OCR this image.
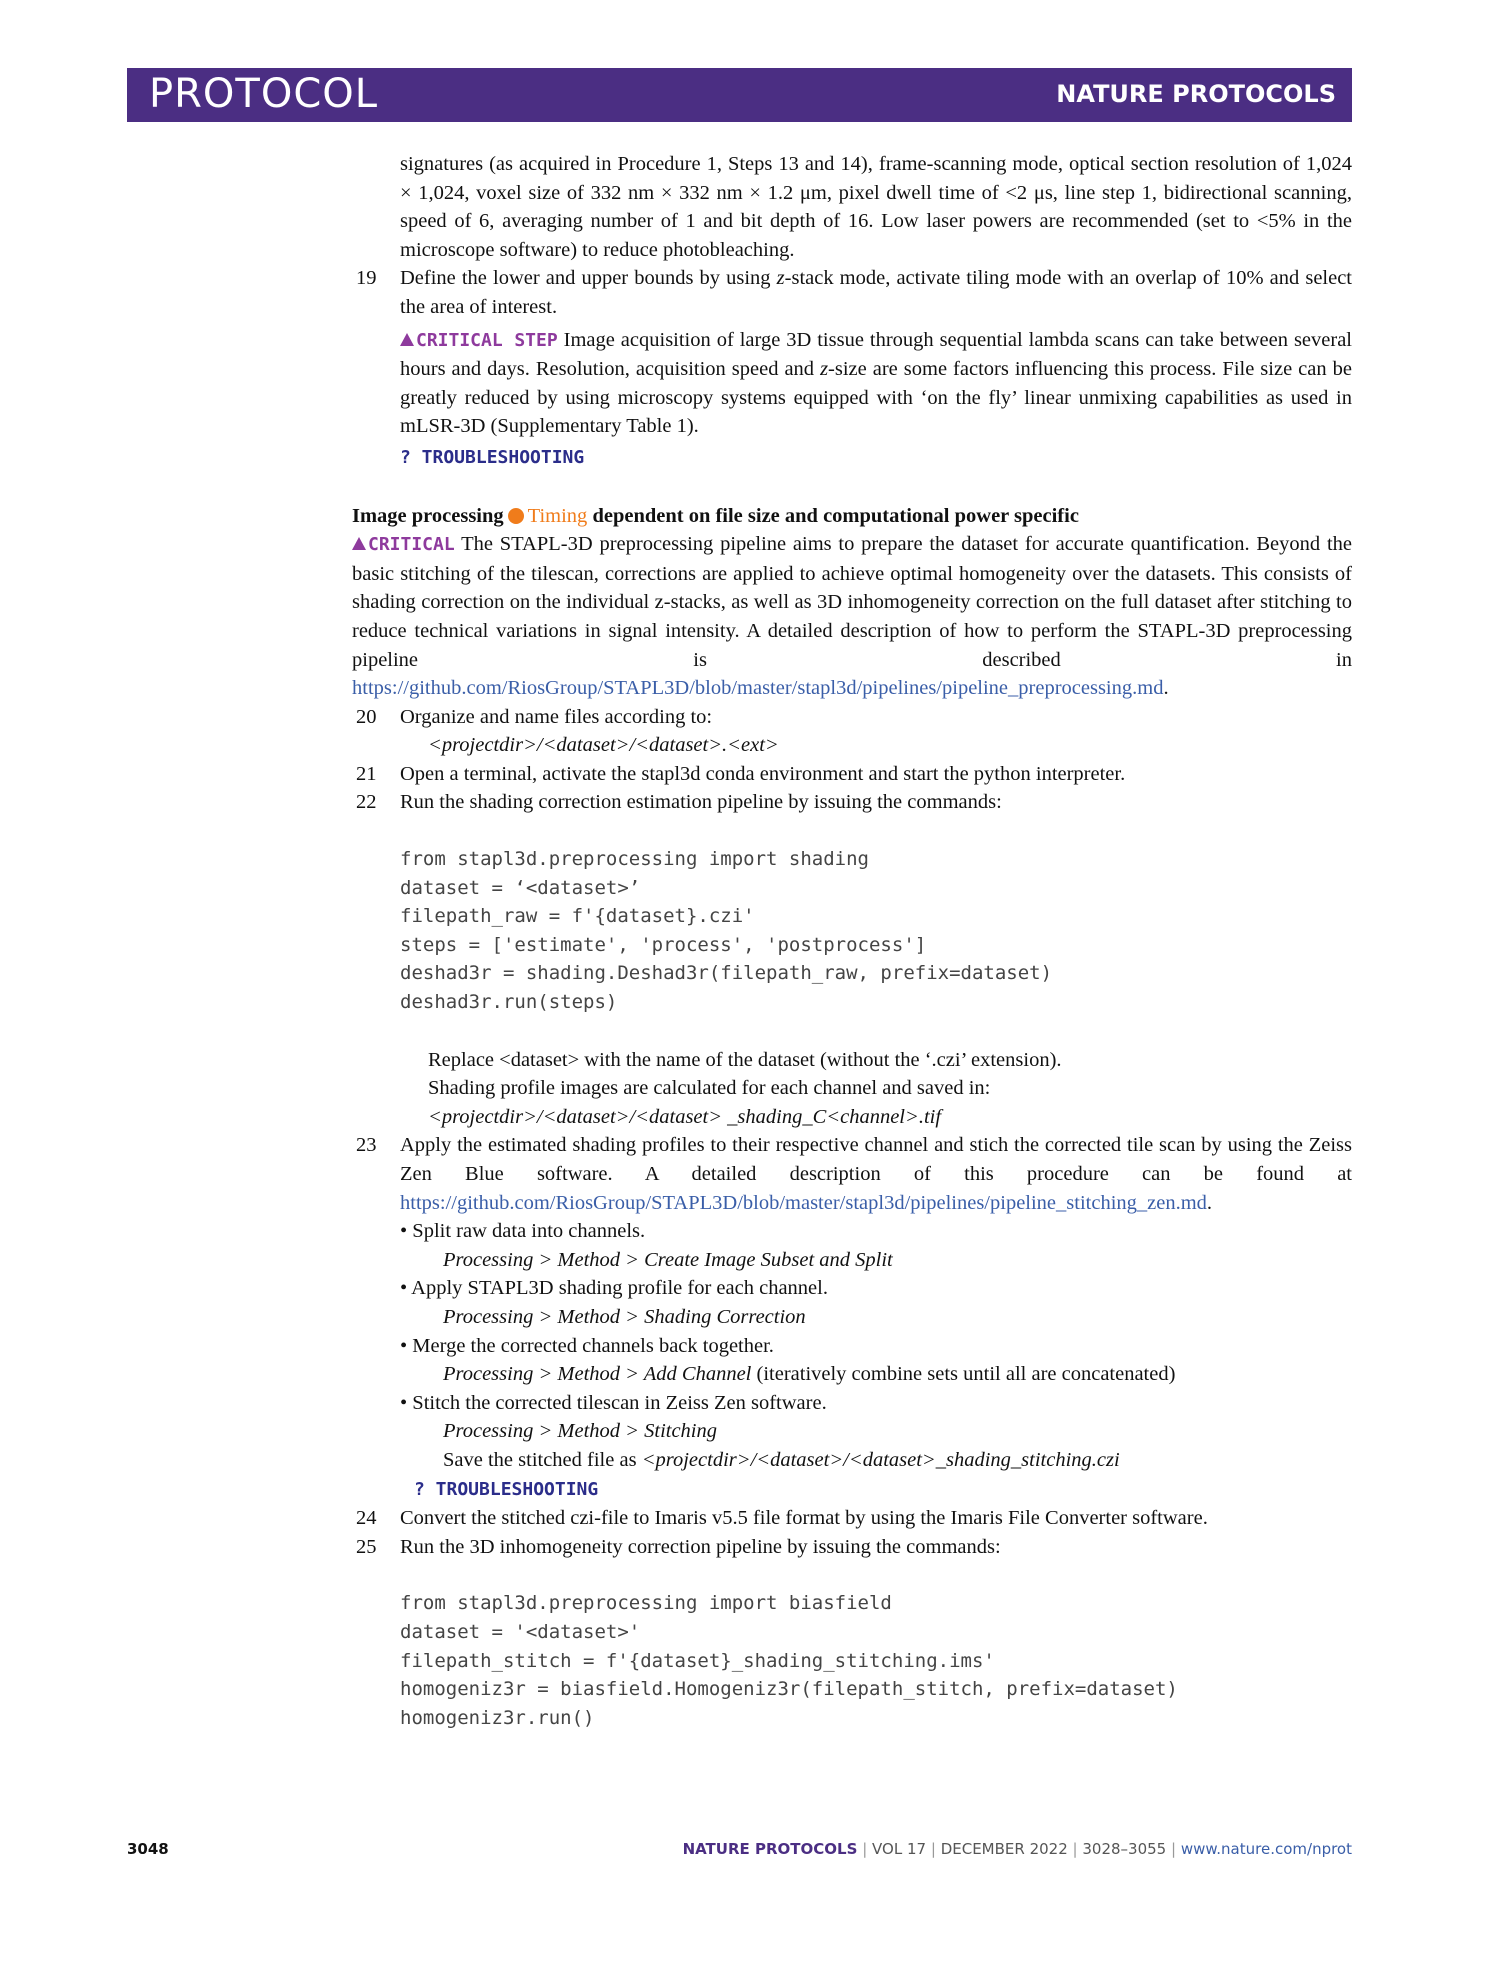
PROTOCOL	NATURE PROTOCOLS

signatures (as acquired in Procedure 1, Steps 13 and 14), frame-scanning mode, optical section resolution of 1,024 × 1,024, voxel size of 332 nm × 332 nm × 1.2 μm, pixel dwell time of <2 μs, line step 1, bidirectional scanning, speed of 6, averaging number of 1 and bit depth of 16. Low laser powers are recommended (set to <5% in the microscope software) to reduce photobleaching.

19 Define the lower and upper bounds by using z-stack mode, activate tiling mode with an overlap of 10% and select the area of interest.

CRITICAL STEP Image acquisition of large 3D tissue through sequential lambda scans can take between several hours and days. Resolution, acquisition speed and z-size are some factors influencing this process. File size can be greatly reduced by using microscopy systems equipped with ‘on the fly’ linear unmixing capabilities as used in mLSR-3D (Supplementary Table 1).

? TROUBLESHOOTING

Image processing Timing dependent on file size and computational power specific

CRITICAL The STAPL-3D preprocessing pipeline aims to prepare the dataset for accurate quantification. Beyond the basic stitching of the tilescan, corrections are applied to achieve optimal homogeneity over the datasets. This consists of shading correction on the individual z-stacks, as well as 3D inhomogeneity correction on the full dataset after stitching to reduce technical variations in signal intensity. A detailed description of how to perform the STAPL-3D preprocessing pipeline is described in https://github.com/RiosGroup/STAPL3D/blob/master/stapl3d/pipelines/pipeline_preprocessing.md.

20 Organize and name files according to:

<projectdir>/<dataset>/<dataset>.<ext>

21 Open a terminal, activate the stapl3d conda environment and start the python interpreter.

22 Run the shading correction estimation pipeline by issuing the commands:

from stapl3d.preprocessing import shading

dataset = ‘<dataset>’

filepath_raw = f'{dataset}.czi'

steps = ['estimate', 'process', 'postprocess']

deshad3r = shading.Deshad3r(filepath_raw, prefix=dataset)

deshad3r.run(steps)

Replace <dataset> with the name of the dataset (without the ‘.czi’ extension).

Shading profile images are calculated for each channel and saved in:

<projectdir>/<dataset>/<dataset> _shading_C<channel>.tif

23 Apply the estimated shading profiles to their respective channel and stich the corrected tile scan by using the Zeiss Zen Blue software. A detailed description of this procedure can be found at https://github.com/RiosGroup/STAPL3D/blob/master/stapl3d/pipelines/pipeline_stitching_zen.md.

• Split raw data into channels.

Processing > Method > Create Image Subset and Split

• Apply STAPL3D shading profile for each channel.

Processing > Method > Shading Correction

• Merge the corrected channels back together.

Processing > Method > Add Channel (iteratively combine sets until all are concatenated)

• Stitch the corrected tilescan in Zeiss Zen software.

Processing > Method > Stitching

Save the stitched file as <projectdir>/<dataset>/<dataset>_shading_stitching.czi

? TROUBLESHOOTING

24 Convert the stitched czi-file to Imaris v5.5 file format by using the Imaris File Converter software.

25 Run the 3D inhomogeneity correction pipeline by issuing the commands:

from stapl3d.preprocessing import biasfield

dataset = '<dataset>'

filepath_stitch = f'{dataset}_shading_stitching.ims'

homogeniz3r = biasfield.Homogeniz3r(filepath_stitch, prefix=dataset)

homogeniz3r.run()

3048	NATURE PROTOCOLS | VOL 17 | DECEMBER 2022 | 3028–3055 | www.nature.com/nprot
